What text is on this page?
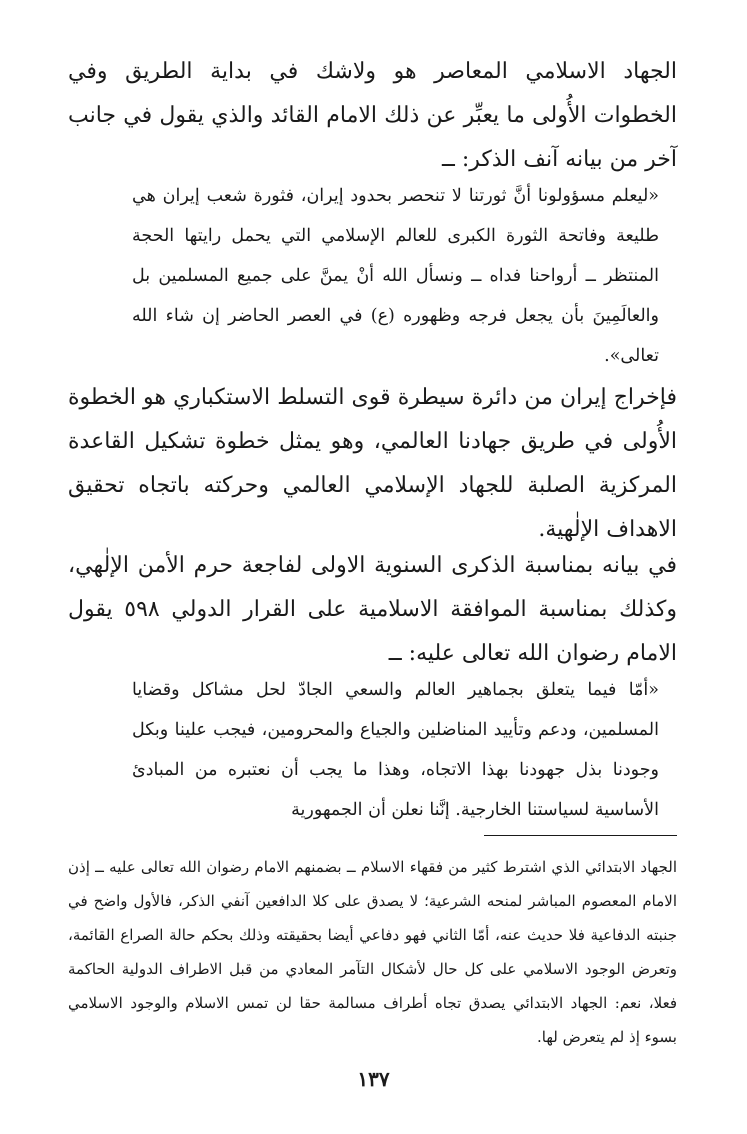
الجهاد الاسلامي المعاصر هو ولاشك في بداية الطريق وفي الخطوات الأُولى ما يعبِّر عن ذلك الامام القائد والذي يقول في جانب آخر من بيانه آنف الذكر: ــ

«ليعلم مسؤولونا أنَّ ثورتنا لا تنحصر بحدود إيران، فثورة شعب إيران هي طليعة وفاتحة الثورة الكبرى للعالم الإسلامي التي يحمل رايتها الحجة المنتظر ــ أرواحنا فداه ــ ونسأل الله أنْ يمنَّ على جميع المسلمين بل والعالَمِينَ بأن يجعل فرجه وظهوره (ع) في العصر الحاضر إن شاء الله تعالى».

فإخراج إيران من دائرة سيطرة قوى التسلط الاستكباري هو الخطوة الأُولى في طريق جهادنا العالمي، وهو يمثل خطوة تشكيل القاعدة المركزية الصلبة للجهاد الإسلامي العالمي وحركته باتجاه تحقيق الاهداف الإلٰهية.

في بيانه بمناسبة الذكرى السنوية الاولى لفاجعة حرم الأمن الإلٰهي، وكذلك بمناسبة الموافقة الاسلامية على القرار الدولي ٥٩٨ يقول الامام رضوان الله تعالى عليه: ــ

«أمّا فيما يتعلق بجماهير العالم والسعي الجادّ لحل مشاكل وقضايا المسلمين، ودعم وتأييد المناضلين والجياع والمحرومين، فيجب علينا وبكل وجودنا بذل جهودنا بهذا الاتجاه، وهذا ما يجب أن نعتبره من المبادئ الأساسية لسياستنا الخارجية. إنَّنا نعلن أن الجمهورية

الجهاد الابتدائي الذي اشترط كثير من فقهاء الاسلام ــ بضمنهم الامام رضوان الله تعالى عليه ــ إذن الامام المعصوم المباشر لمنحه الشرعية؛ لا يصدق على كلا الدافعين آنفي الذكر، فالأول واضح في جنبته الدفاعية فلا حديث عنه، أمّا الثاني فهو دفاعي أيضا بحقيقته وذلك بحكم حالة الصراع القائمة، وتعرض الوجود الاسلامي على كل حال لأشكال التآمر المعادي من قبل الاطراف الدولية الحاكمة فعلا، نعم: الجهاد الابتدائي يصدق تجاه أطراف مسالمة حقا لن تمس الاسلام والوجود الاسلامي بسوء إذ لم يتعرض لها.

١٣٧
